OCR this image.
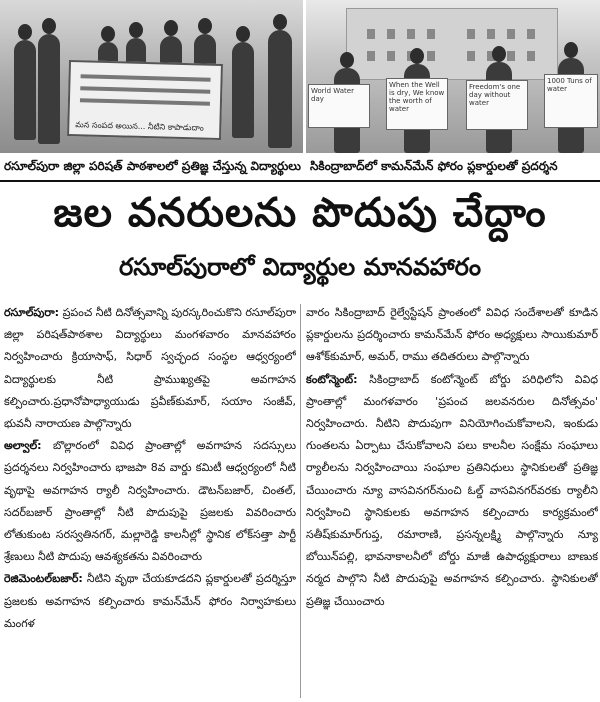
మన సంపద అయిన... నీటిని కాపాడుదాం
World Water day
When the Well is dry, We know the worth of water
Freedom's one day without water
1000 Tuns of water
రసూల్‌పురా జిల్లా పరిషత్ పాఠశాలలో ప్రతిజ్ఞ చేస్తున్న విద్యార్థులు సికింద్రాబాద్‌లో కామన్‌మేన్ ఫోరం ప్లకార్డులతో ప్రదర్శన
జల వనరులను పొదుపు చేద్దాం
రసూల్‌పురాలో విద్యార్థుల మానవహారం

రసూల్‌పురా: ప్రపంచ నీటి దినోత్సవాన్ని పురస్కరించుకొని రసూల్‌పురా జిల్లా పరిషత్‌పాఠశాల విద్యార్థులు మంగళవారం మానవహారం నిర్వహించారు క్రియాసాఫ్, సిధార్ స్వచ్ఛంద సంస్థల ఆధ్వర్యంలో విద్యార్థులకు నీటి ప్రాముఖ్యతపై అవగాహన కల్పించారు.ప్రధానోపాధ్యాయుడు ప్రవీణ్‌కుమార్, సయాం సంజీవ్, భువనీ నారాయణ పాల్గొన్నారు

అల్వాల్: బొల్లారంలో వివిధ ప్రాంతాల్లో అవగాహన సదస్సులు ప్రదర్శనలు నిర్వహించారు భాజపా 8వ వార్డు కమిటీ ఆధ్వర్యంలో నీటి వృథాపై అవగాహన ర్యాలీ నిర్వహించారు. డౌటన్‌బజార్, చింతల్, సదర్‌బజార్ ప్రాంతాల్లో నీటి పొదుపుపై ప్రజలకు వివరించారు లోతుకుంట సరస్వతినగర్, మల్లారెడ్డి కాలనీల్లో స్థానిక లోక్‌సత్తా పార్టీ శ్రేణులు నీటి పొదుపు ఆవశ్యకతను వివరించారు

రెజిమెంటల్‌బజార్: నీటిని వృథా చేయకూడదని ప్లకార్డులతో ప్రదర్శిస్తూ ప్రజలకు అవగాహన కల్పించారు కామన్‌మేన్ ఫోరం నిర్వాహకులు మంగళ

వారం సికింద్రాబాద్ రైల్వేస్టేషన్ ప్రాంతంలో వివిధ సందేశాలతో కూడిన ప్లకార్డులను ప్రదర్శించారు కామన్‌మేన్ ఫోరం అధ్యక్షులు సాయికుమార్ ఆశోక్‌కుమార్, అమర్, రాము తదితరులు పాల్గొన్నారు

కంటోన్మెంట్: సికింద్రాబాద్ కంటోన్మెంట్ బోర్డు పరిధిలోని వివిధ ప్రాంతాల్లో మంగళవారం 'ప్రపంచ జలవనరుల దినోత్సవం' నిర్వహించారు. నీటిని పొదుపుగా వినియోగించుకోవాలని, ఇంకుడు గుంతలను ఏర్పాటు చేసుకోవాలని పలు కాలనీల సంక్షేమ సంఘాలు ర్యాలీలను నిర్వహించాయి సంఘాల ప్రతినిధులు స్థానికులతో ప్రతిజ్ఞ చేయించారు న్యూ వాసవినగర్‌నుంచి ఓల్డ్ వాసవినగర్‌వరకు ర్యాలీని నిర్వహించి స్థానికులకు అవగాహన కల్పించారు కార్యక్రమంలో సతీష్‌కుమార్‌గుప్త, రమారాణి, ప్రసన్నలక్ష్మి పాల్గొన్నారు న్యూ బోయిన్‌పల్లి, భావనాకాలనీలో బోర్డు మాజీ ఉపాధ్యక్షురాలు బాణుక నర్మద పాల్గొని నీటి పొదుపుపై అవగాహన కల్పించారు. స్థానికులతో ప్రతిజ్ఞ చేయించారు
